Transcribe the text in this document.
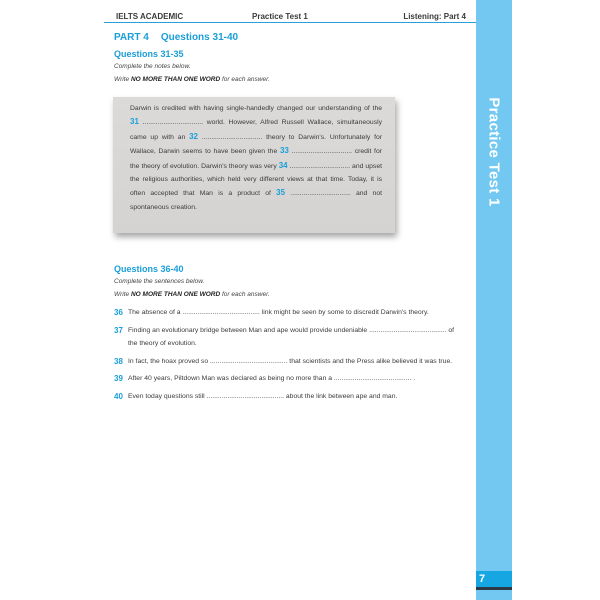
Practice Test 1
7
IELTS ACADEMIC	Practice Test 1	Listening: Part 4
PART 4 Questions 31-40
Questions 31-35
Complete the notes below.
Write NO MORE THAN ONE WORD for each answer.
Darwin is credited with having single-handedly changed our understanding of the 31 ................................ world. However, Alfred Russell Wallace, simultaneously came up with an 32 ................................ theory to Darwin's. Unfortunately for Wallace, Darwin seems to have been given the 33 ................................ credit for the theory of evolution. Darwin's theory was very 34 ................................ and upset the religious authorities, which held very different views at that time. Today, it is often accepted that Man is a product of 35 ................................ and not spontaneous creation.
Questions 36-40
Complete the sentences below.
Write NO MORE THAN ONE WORD for each answer.
36 The absence of a ......................................... link might be seen by some to discredit Darwin's theory.
37 Finding an evolutionary bridge between Man and ape would provide undeniable ......................................... of the theory of evolution.
38 In fact, the hoax proved so ......................................... that scientists and the Press alike believed it was true.
39 After 40 years, Piltdown Man was declared as being no more than a ......................................... .
40 Even today questions still ......................................... about the link between ape and man.
